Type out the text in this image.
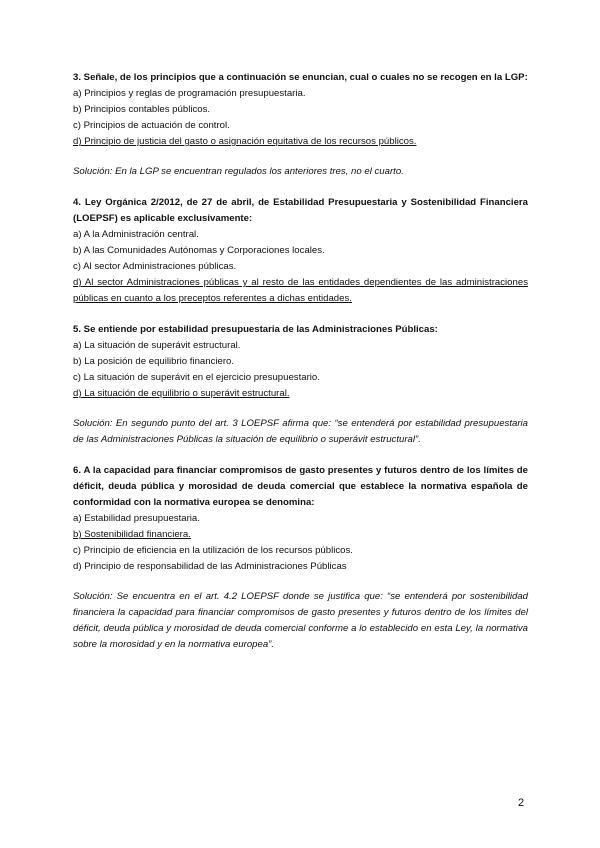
3. Señale, de los principios que a continuación se enuncian, cual o cuales no se recogen en la LGP:

a) Principios y reglas de programación presupuestaria.

b) Principios contables públicos.

c) Principios de actuación de control.

d) Principio de justicia del gasto o asignación equitativa de los recursos públicos.

Solución: En la LGP se encuentran regulados los anteriores tres, no el cuarto.

4. Ley Orgánica 2/2012, de 27 de abril, de Estabilidad Presupuestaria y Sostenibilidad Financiera (LOEPSF) es aplicable exclusivamente:

a) A la Administración central.

b) A las Comunidades Autónomas y Corporaciones locales.

c) Al sector Administraciones públicas.

d) Al sector Administraciones públicas y al resto de las entidades dependientes de las administraciones públicas en cuanto a los preceptos referentes a dichas entidades.

5. Se entiende por estabilidad presupuestaria de las Administraciones Públicas:

a) La situación de superávit estructural.

b) La posición de equilibrio financiero.

c) La situación de superávit en el ejercicio presupuestario.

d) La situación de equilibrio o superávit estructural.

Solución: En segundo punto del art. 3 LOEPSF afirma que: “se entenderá por estabilidad presupuestaria de las Administraciones Públicas la situación de equilibrio o superávit estructural”.

6. A la capacidad para financiar compromisos de gasto presentes y futuros dentro de los límites de déficit, deuda pública y morosidad de deuda comercial que establece la normativa española de conformidad con la normativa europea se denomina:

a) Estabilidad presupuestaria.

b) Sostenibilidad financiera.

c) Principio de eficiencia en la utilización de los recursos públicos.

d) Principio de responsabilidad de las Administraciones Públicas

Solución: Se encuentra en el art. 4.2 LOEPSF donde se justifica que: “se entenderá por sostenibilidad financiera la capacidad para financiar compromisos de gasto presentes y futuros dentro de los límites del déficit, deuda pública y morosidad de deuda comercial conforme a lo establecido en esta Ley, la normativa sobre la morosidad y en la normativa europea”.

2
